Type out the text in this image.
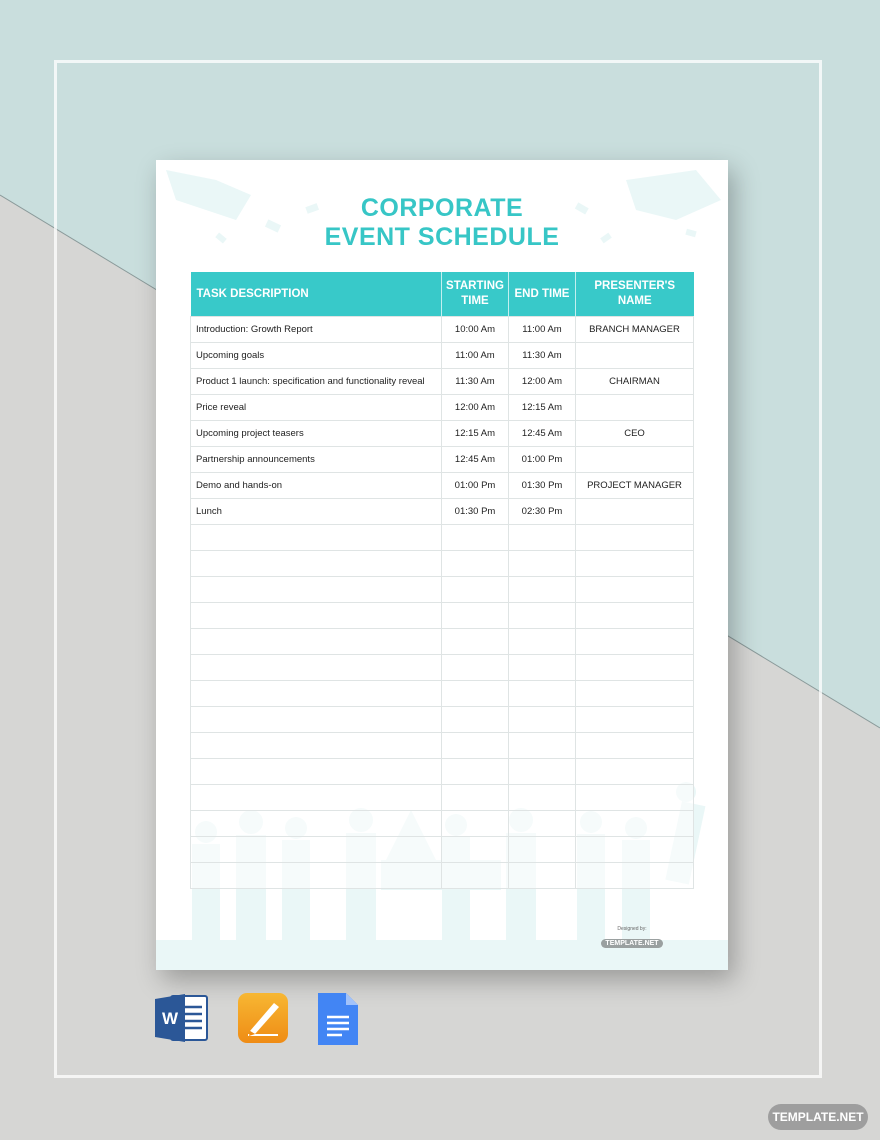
CORPORATE
EVENT SCHEDULE
TASK DESCRIPTION	STARTING TIME	END TIME	PRESENTER'S NAME
Introduction: Growth Report	10:00 Am	11:00 Am	BRANCH MANAGER
Upcoming goals	11:00 Am	11:30 Am	
Product 1 launch: specification and functionality reveal	11:30 Am	12:00 Am	CHAIRMAN
Price reveal	12:00 Am	12:15 Am	
Upcoming project teasers	12:15 Am	12:45 Am	CEO
Partnership announcements	12:45 Am	01:00 Pm	
Demo and hands-on	01:00 Pm	01:30 Pm	PROJECT MANAGER
Lunch	01:30 Pm	02:30 Pm	

Designed by:
TEMPLATE.NET
W
TEMPLATE.NET
